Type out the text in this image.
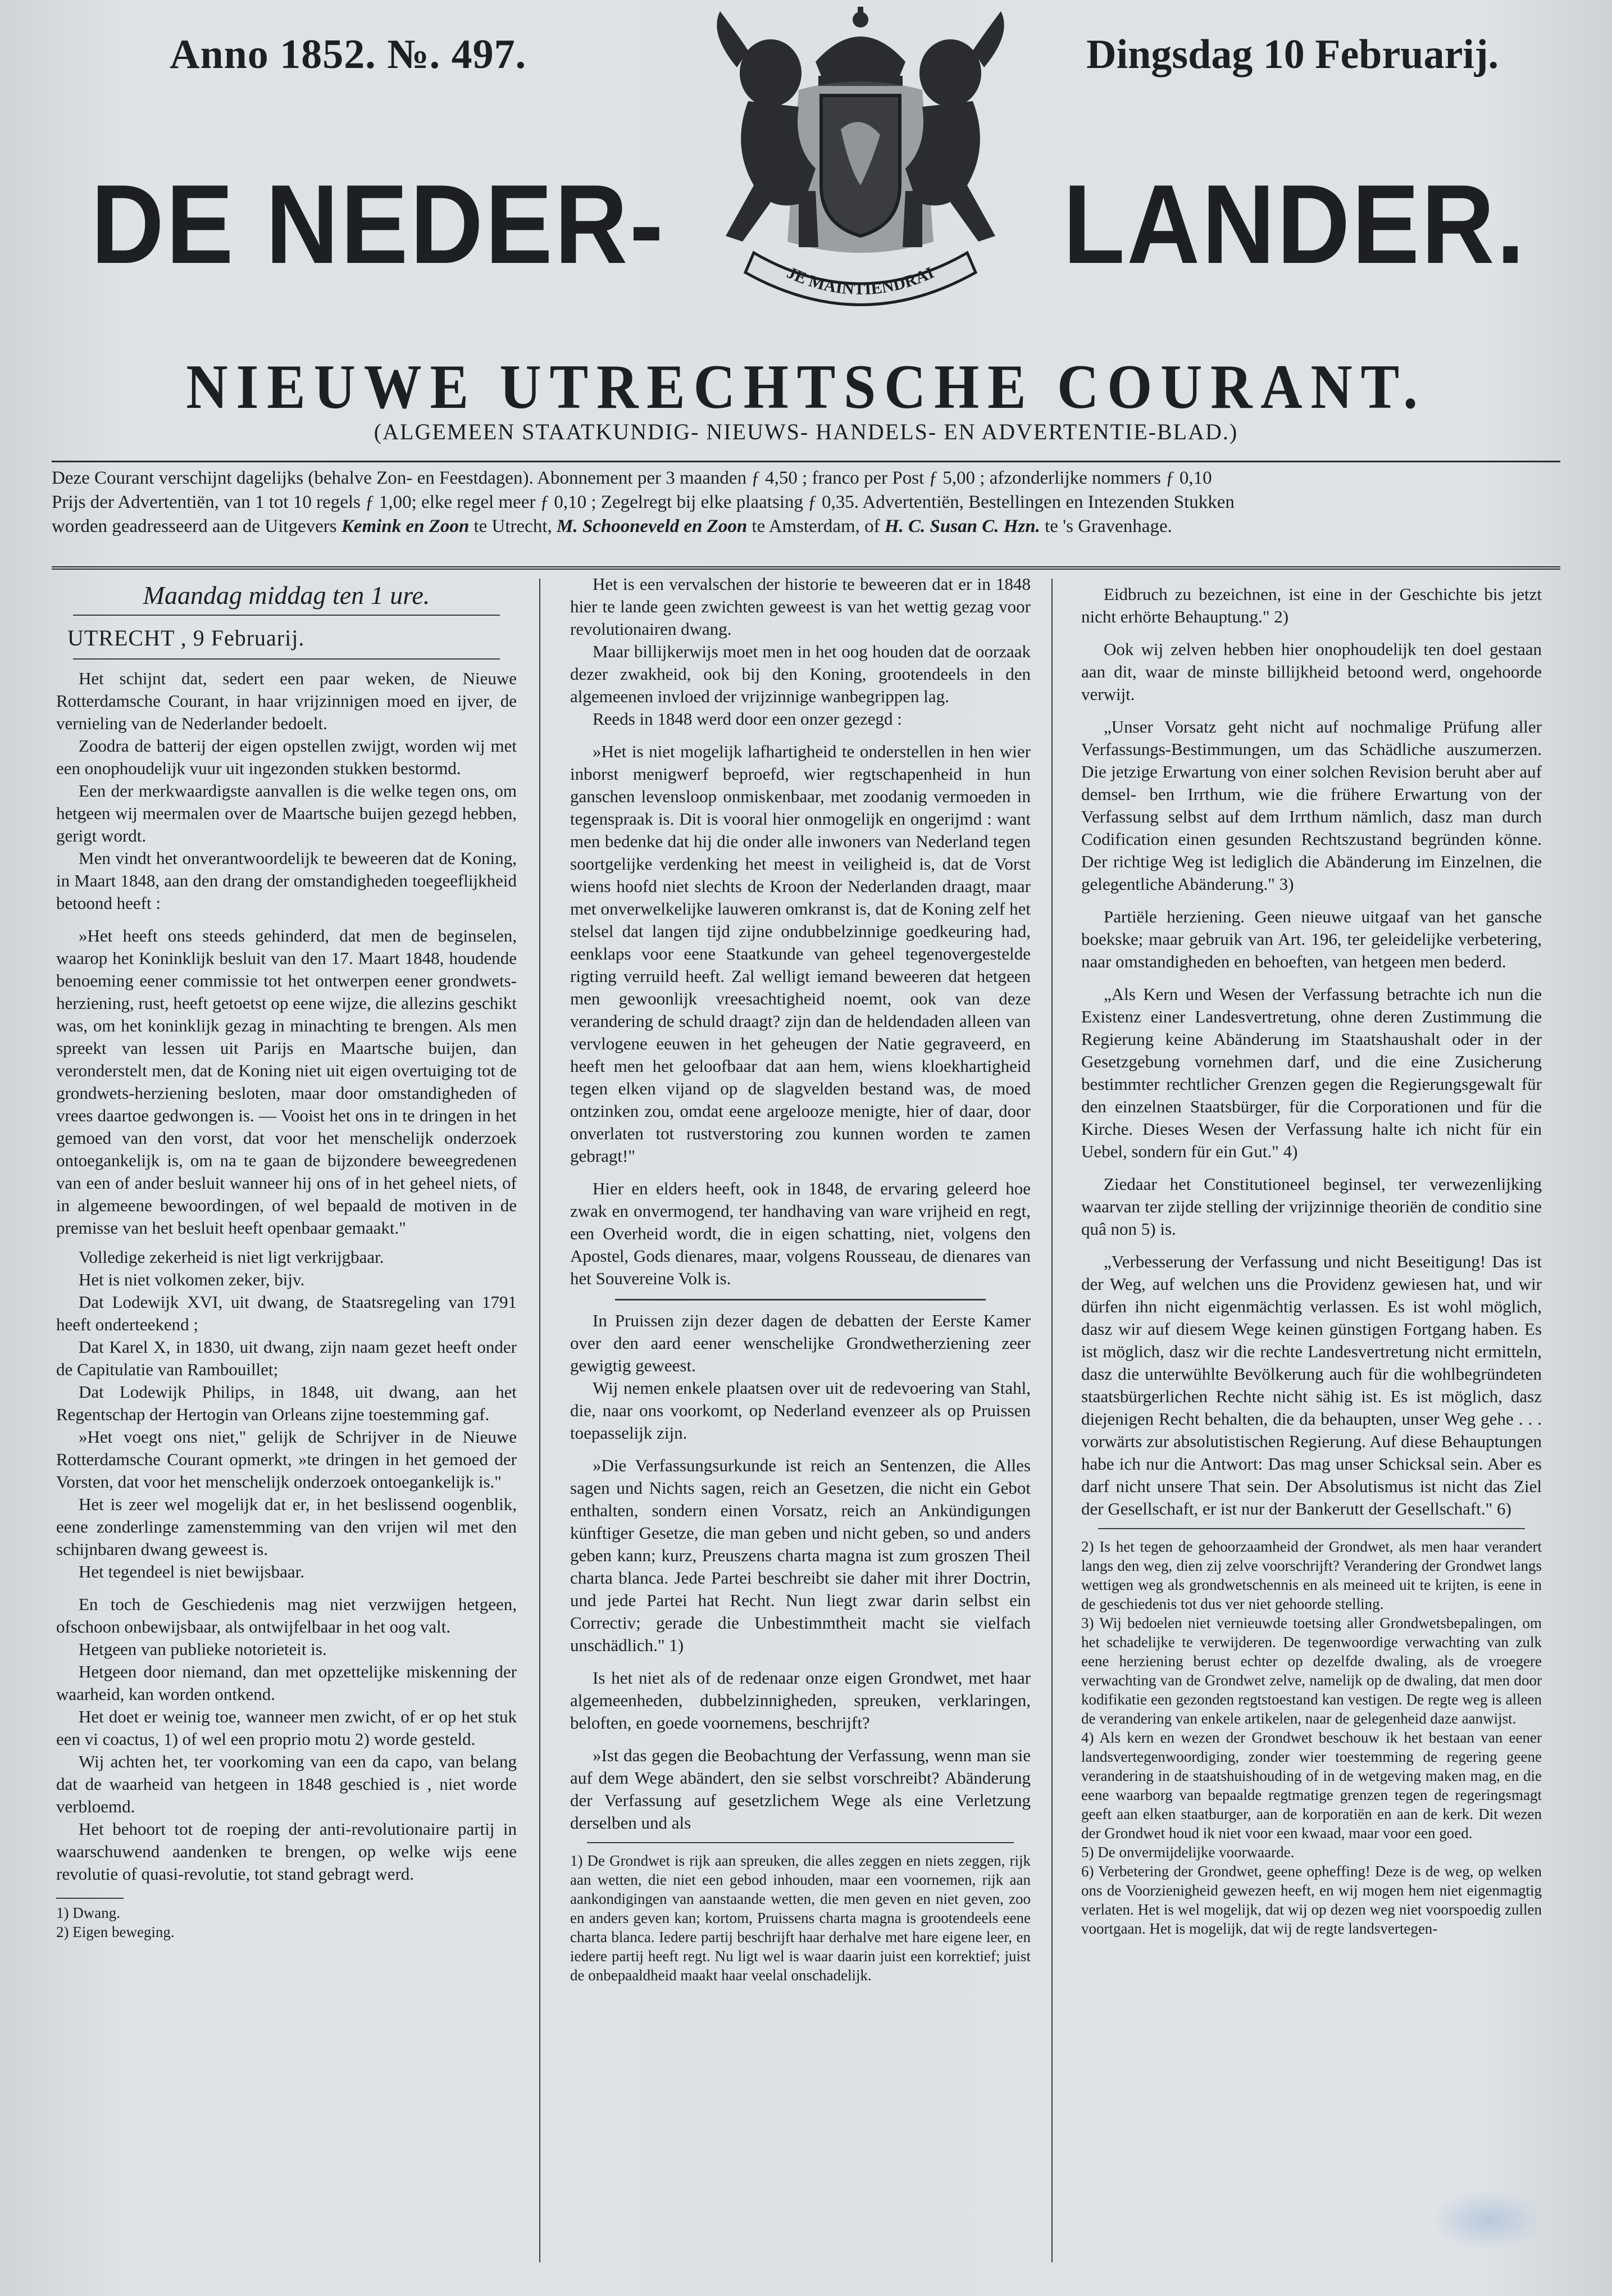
Anno 1852. №. 497.	Dingsdag 10 Februarij.
DE NEDER-	LANDER.
JE MAINTIENDRAI
NIEUWE UTRECHTSCHE COURANT.
(ALGEMEEN STAATKUNDIG- NIEUWS- HANDELS- EN ADVERTENTIE-BLAD.)

Deze Courant verschijnt dagelijks (behalve Zon- en Feestdagen). Abonnement per 3 maanden ƒ 4,50 ; franco per Post ƒ 5,00 ; afzonderlijke nommers ƒ 0,10

Prijs der Advertentiën, van 1 tot 10 regels ƒ 1,00; elke regel meer ƒ 0,10 ; Zegelregt bij elke plaatsing ƒ 0,35. Advertentiën, Bestellingen en Intezenden Stukken

worden geadresseerd aan de Uitgevers Kemink en Zoon te Utrecht, M. Schooneveld en Zoon te Amsterdam, of H. C. Susan C. Hzn. te 's Gravenhage.

Maandag middag ten 1 ure.
UTRECHT , 9 Februarij.

Het schijnt dat, sedert een paar weken, de Nieuwe Rotterdamsche Courant, in haar vrijzinnigen moed en ijver, de vernieling van de Nederlander bedoelt.

Zoodra de batterij der eigen opstellen zwijgt, worden wij met een onophoudelijk vuur uit ingezonden stukken bestormd.

Een der merkwaardigste aanvallen is die welke tegen ons, om hetgeen wij meermalen over de Maartsche buijen gezegd hebben, gerigt wordt.

Men vindt het onverantwoordelijk te beweeren dat de Koning, in Maart 1848, aan den drang der omstandigheden toegeeflijkheid betoond heeft :

»Het heeft ons steeds gehinderd, dat men de beginselen, waarop het Koninklijk besluit van den 17. Maart 1848, houdende benoeming eener commissie tot het ontwerpen eener grondwets-herziening, rust, heeft getoetst op eene wijze, die allezins geschikt was, om het koninklijk gezag in minachting te brengen. Als men spreekt van lessen uit Parijs en Maartsche buijen, dan veronderstelt men, dat de Koning niet uit eigen overtuiging tot de grondwets-herziening besloten, maar door omstandigheden of vrees daartoe gedwongen is. — Vooist het ons in te dringen in het gemoed van den vorst, dat voor het menschelijk onderzoek ontoegankelijk is, om na te gaan de bijzondere beweegredenen van een of ander besluit wanneer hij ons of in het geheel niets, of in algemeene bewoordingen, of wel bepaald de motiven in de premisse van het besluit heeft openbaar gemaakt."

Volledige zekerheid is niet ligt verkrijgbaar.

Het is niet volkomen zeker, bijv.

Dat Lodewijk XVI, uit dwang, de Staatsregeling van 1791 heeft onderteekend ;

Dat Karel X, in 1830, uit dwang, zijn naam gezet heeft onder de Capitulatie van Rambouillet;

Dat Lodewijk Philips, in 1848, uit dwang, aan het Regentschap der Hertogin van Orleans zijne toestemming gaf.

»Het voegt ons niet," gelijk de Schrijver in de Nieuwe Rotterdamsche Courant opmerkt, »te dringen in het gemoed der Vorsten, dat voor het menschelijk onderzoek ontoegankelijk is."

Het is zeer wel mogelijk dat er, in het beslissend oogenblik, eene zonderlinge zamenstemming van den vrijen wil met den schijnbaren dwang geweest is.

Het tegendeel is niet bewijsbaar.

En toch de Geschiedenis mag niet verzwijgen hetgeen, ofschoon onbewijsbaar, als ontwijfelbaar in het oog valt.

Hetgeen van publieke notorieteit is.

Hetgeen door niemand, dan met opzettelijke miskenning der waarheid, kan worden ontkend.

Het doet er weinig toe, wanneer men zwicht, of er op het stuk een vi coactus, 1) of wel een proprio motu 2) worde gesteld.

Wij achten het, ter voorkoming van een da capo, van belang dat de waarheid van hetgeen in 1848 geschied is , niet worde verbloemd.

Het behoort tot de roeping der anti-revolutionaire partij in waarschuwend aandenken te brengen, op welke wijs eene revolutie of quasi-revolutie, tot stand gebragt werd.

1) Dwang.

2) Eigen beweging.

Het is een vervalschen der historie te beweeren dat er in 1848 hier te lande geen zwichten geweest is van het wettig gezag voor revolutionairen dwang.

Maar billijkerwijs moet men in het oog houden dat de oorzaak dezer zwakheid, ook bij den Koning, grootendeels in den algemeenen invloed der vrijzinnige wanbegrippen lag.

Reeds in 1848 werd door een onzer gezegd :

»Het is niet mogelijk lafhartigheid te onderstellen in hen wier inborst menigwerf beproefd, wier regtschapenheid in hun ganschen levensloop onmiskenbaar, met zoodanig vermoeden in tegenspraak is. Dit is vooral hier onmogelijk en ongerijmd : want men bedenke dat hij die onder alle inwoners van Nederland tegen soortgelijke verdenking het meest in veiligheid is, dat de Vorst wiens hoofd niet slechts de Kroon der Nederlanden draagt, maar met onverwelkelijke lauweren omkranst is, dat de Koning zelf het stelsel dat langen tijd zijne ondubbelzinnige goedkeuring had, eenklaps voor eene Staatkunde van geheel tegenovergestelde rigting verruild heeft. Zal welligt iemand beweeren dat hetgeen men gewoonlijk vreesachtigheid noemt, ook van deze verandering de schuld draagt? zijn dan de heldendaden alleen van vervlogene eeuwen in het geheugen der Natie gegraveerd, en heeft men het geloofbaar dat aan hem, wiens kloekhartigheid tegen elken vijand op de slagvelden bestand was, de moed ontzinken zou, omdat eene argelooze menigte, hier of daar, door onverlaten tot rustverstoring zou kunnen worden te zamen gebragt!"

Hier en elders heeft, ook in 1848, de ervaring geleerd hoe zwak en onvermogend, ter handhaving van ware vrijheid en regt, een Overheid wordt, die in eigen schatting, niet, volgens den Apostel, Gods dienares, maar, volgens Rousseau, de dienares van het Souvereine Volk is.

In Pruissen zijn dezer dagen de debatten der Eerste Kamer over den aard eener wenschelijke Grondwetherziening zeer gewigtig geweest.

Wij nemen enkele plaatsen over uit de redevoering van Stahl, die, naar ons voorkomt, op Nederland evenzeer als op Pruissen toepasselijk zijn.

»Die Verfassungsurkunde ist reich an Sentenzen, die Alles sagen und Nichts sagen, reich an Gesetzen, die nicht ein Gebot enthalten, sondern einen Vorsatz, reich an Ankündigungen künftiger Gesetze, die man geben und nicht geben, so und anders geben kann; kurz, Preuszens charta magna ist zum groszen Theil charta blanca. Jede Partei beschreibt sie daher mit ihrer Doctrin, und jede Partei hat Recht. Nun liegt zwar darin selbst ein Correctiv; gerade die Unbestimmtheit macht sie vielfach unschädlich." 1)

Is het niet als of de redenaar onze eigen Grondwet, met haar algemeenheden, dubbelzinnigheden, spreuken, verklaringen, beloften, en goede voornemens, beschrijft?

»Ist das gegen die Beobachtung der Verfassung, wenn man sie auf dem Wege abändert, den sie selbst vorschreibt? Abänderung der Verfassung auf gesetzlichem Wege als eine Verletzung derselben und als

1) De Grondwet is rijk aan spreuken, die alles zeggen en niets zeggen, rijk aan wetten, die niet een gebod inhouden, maar een voornemen, rijk aan aankondigingen van aanstaande wetten, die men geven en niet geven, zoo en anders geven kan; kortom, Pruissens charta magna is grootendeels eene charta blanca. Iedere partij beschrijft haar derhalve met hare eigene leer, en iedere partij heeft regt. Nu ligt wel is waar daarin juist een korrektief; juist de onbepaaldheid maakt haar veelal onschadelijk.

Eidbruch zu bezeichnen, ist eine in der Geschichte bis jetzt nicht erhörte Behauptung." 2)

Ook wij zelven hebben hier onophoudelijk ten doel gestaan aan dit, waar de minste billijkheid betoond werd, ongehoorde verwijt.

„Unser Vorsatz geht nicht auf nochmalige Prüfung aller Verfassungs-Bestimmungen, um das Schädliche auszumerzen. Die jetzige Erwartung von einer solchen Revision beruht aber auf demsel- ben Irrthum, wie die frühere Erwartung von der Verfassung selbst auf dem Irrthum nämlich, dasz man durch Codification einen gesunden Rechtszustand begründen könne. Der richtige Weg ist lediglich die Abänderung im Einzelnen, die gelegentliche Abänderung." 3)

Partiële herziening. Geen nieuwe uitgaaf van het gansche boekske; maar gebruik van Art. 196, ter geleidelijke verbetering, naar omstandigheden en behoeften, van hetgeen men bederd.

„Als Kern und Wesen der Verfassung betrachte ich nun die Existenz einer Landesvertretung, ohne deren Zustimmung die Regierung keine Abänderung im Staatshaushalt oder in der Gesetzgebung vornehmen darf, und die eine Zusicherung bestimmter rechtlicher Grenzen gegen die Regierungsgewalt für den einzelnen Staatsbürger, für die Corporationen und für die Kirche. Dieses Wesen der Verfassung halte ich nicht für ein Uebel, sondern für ein Gut." 4)

Ziedaar het Constitutioneel beginsel, ter verwezenlijking waarvan ter zijde stelling der vrijzinnige theoriën de conditio sine quâ non 5) is.

„Verbesserung der Verfassung und nicht Beseitigung! Das ist der Weg, auf welchen uns die Providenz gewiesen hat, und wir dürfen ihn nicht eigenmächtig verlassen. Es ist wohl möglich, dasz wir auf diesem Wege keinen günstigen Fortgang haben. Es ist möglich, dasz wir die rechte Landesvertretung nicht ermitteln, dasz die unterwühlte Bevölkerung auch für die wohlbegründeten staatsbürgerlichen Rechte nicht sähig ist. Es ist möglich, dasz diejenigen Recht behalten, die da behaupten, unser Weg gehe . . . vorwärts zur absolutistischen Regierung. Auf diese Behauptungen habe ich nur die Antwort: Das mag unser Schicksal sein. Aber es darf nicht unsere That sein. Der Absolutismus ist nicht das Ziel der Gesellschaft, er ist nur der Bankerutt der Gesellschaft." 6)

2) Is het tegen de gehoorzaamheid der Grondwet, als men haar verandert langs den weg, dien zij zelve voorschrijft? Verandering der Grondwet langs wettigen weg als grondwetschennis en als meineed uit te krijten, is eene in de geschiedenis tot dus ver niet gehoorde stelling.

3) Wij bedoelen niet vernieuwde toetsing aller Grondwetsbepalingen, om het schadelijke te verwijderen. De tegenwoordige verwachting van zulk eene herziening berust echter op dezelfde dwaling, als de vroegere verwachting van de Grondwet zelve, namelijk op de dwaling, dat men door kodifikatie een gezonden regtstoestand kan vestigen. De regte weg is alleen de verandering van enkele artikelen, naar de gelegenheid daze aanwijst.

4) Als kern en wezen der Grondwet beschouw ik het bestaan van eener landsvertegenwoordiging, zonder wier toestemming de regering geene verandering in de staatshuishouding of in de wetgeving maken mag, en die eene waarborg van bepaalde regtmatige grenzen tegen de regeringsmagt geeft aan elken staatburger, aan de korporatiën en aan de kerk. Dit wezen der Grondwet houd ik niet voor een kwaad, maar voor een goed.

5) De onvermijdelijke voorwaarde.

6) Verbetering der Grondwet, geene opheffing! Deze is de weg, op welken ons de Voorzienigheid gewezen heeft, en wij mogen hem niet eigenmagtig verlaten. Het is wel mogelijk, dat wij op dezen weg niet voorspoedig zullen voortgaan. Het is mogelijk, dat wij de regte landsvertegen-
